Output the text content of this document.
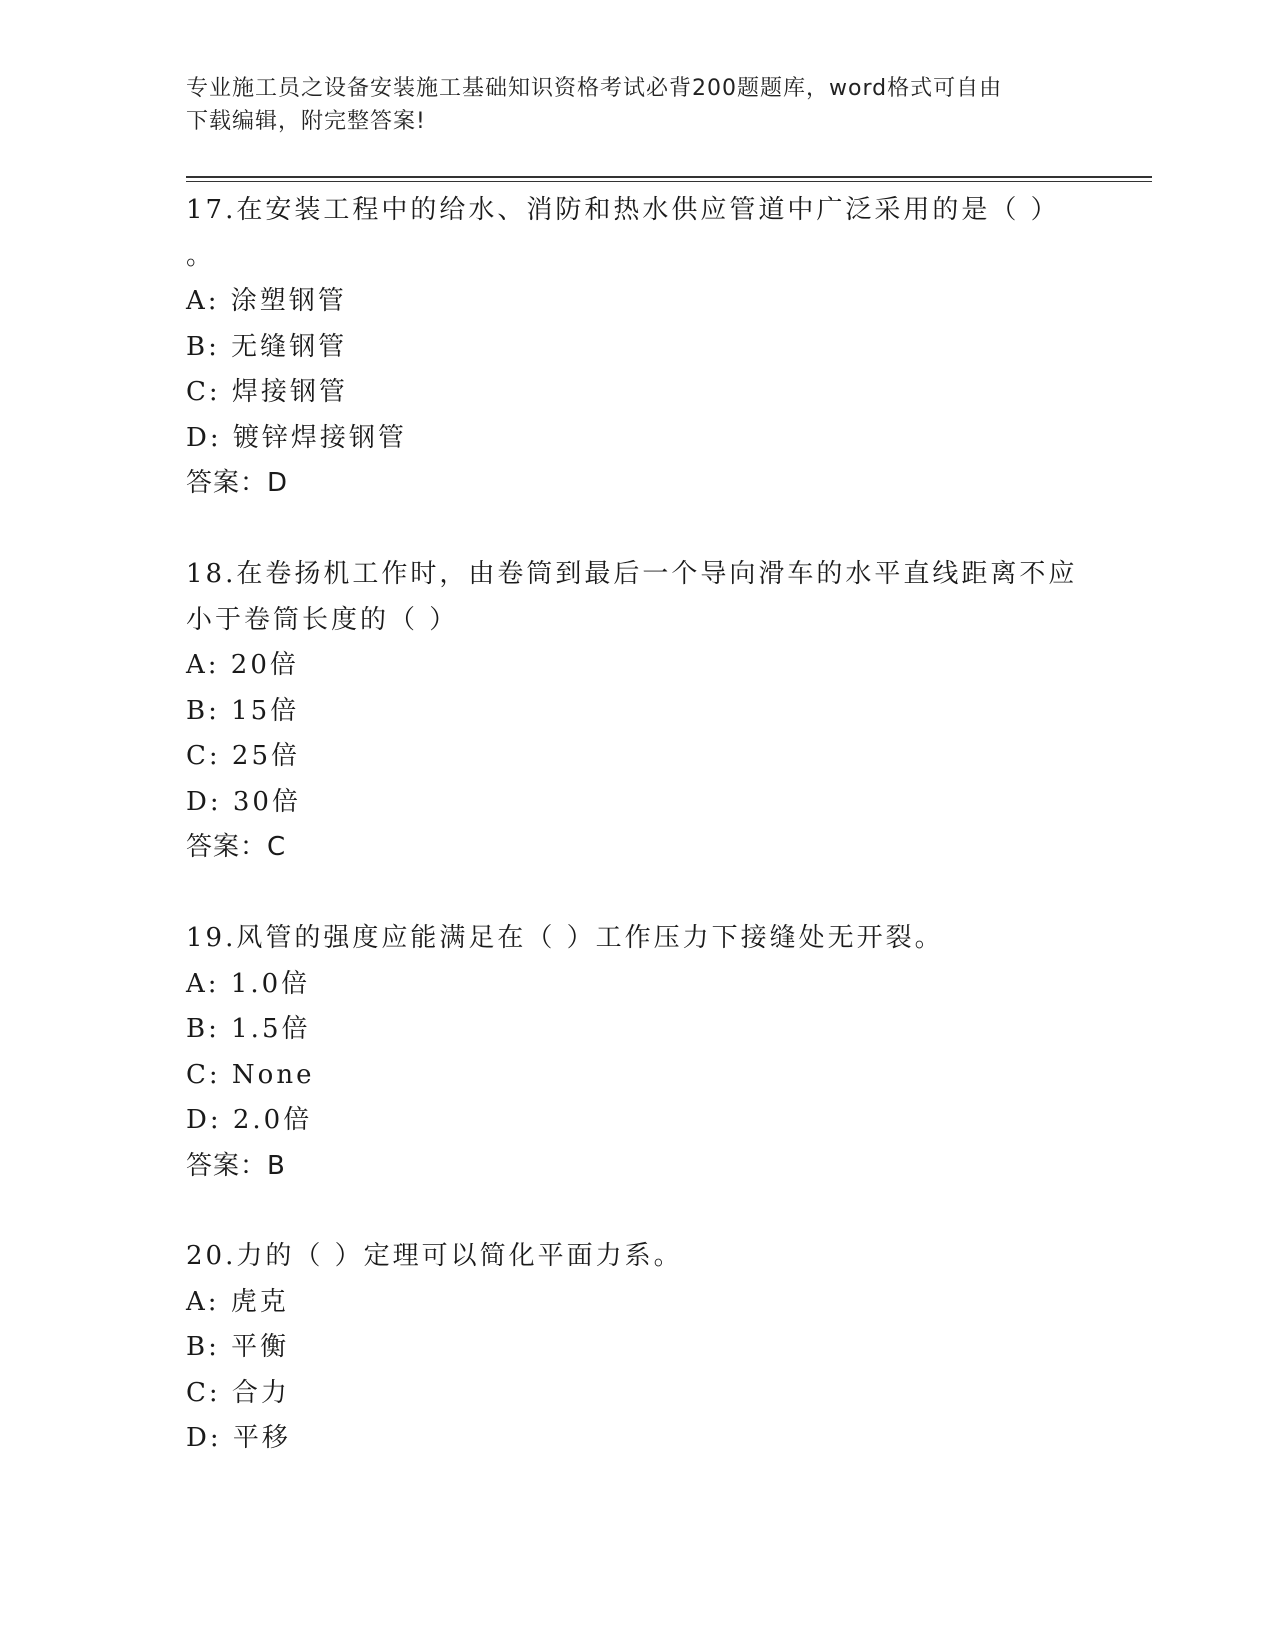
专业施工员之设备安装施工基础知识资格考试必背200题题库，word格式可自由
下载编辑，附完整答案!
17.在安装工程中的给水、消防和热水供应管道中广泛采用的是（ ）
。
A: 涂塑钢管
B: 无缝钢管
C: 焊接钢管
D: 镀锌焊接钢管
答案：D
18.在卷扬机工作时，由卷筒到最后一个导向滑车的水平直线距离不应
小于卷筒长度的（ ）
A: 20倍
B: 15倍
C: 25倍
D: 30倍
答案：C
19.风管的强度应能满足在（ ）工作压力下接缝处无开裂。
A: 1.0倍
B: 1.5倍
C: None
D: 2.0倍
答案：B
20.力的（ ）定理可以简化平面力系。
A: 虎克
B: 平衡
C: 合力
D: 平移
